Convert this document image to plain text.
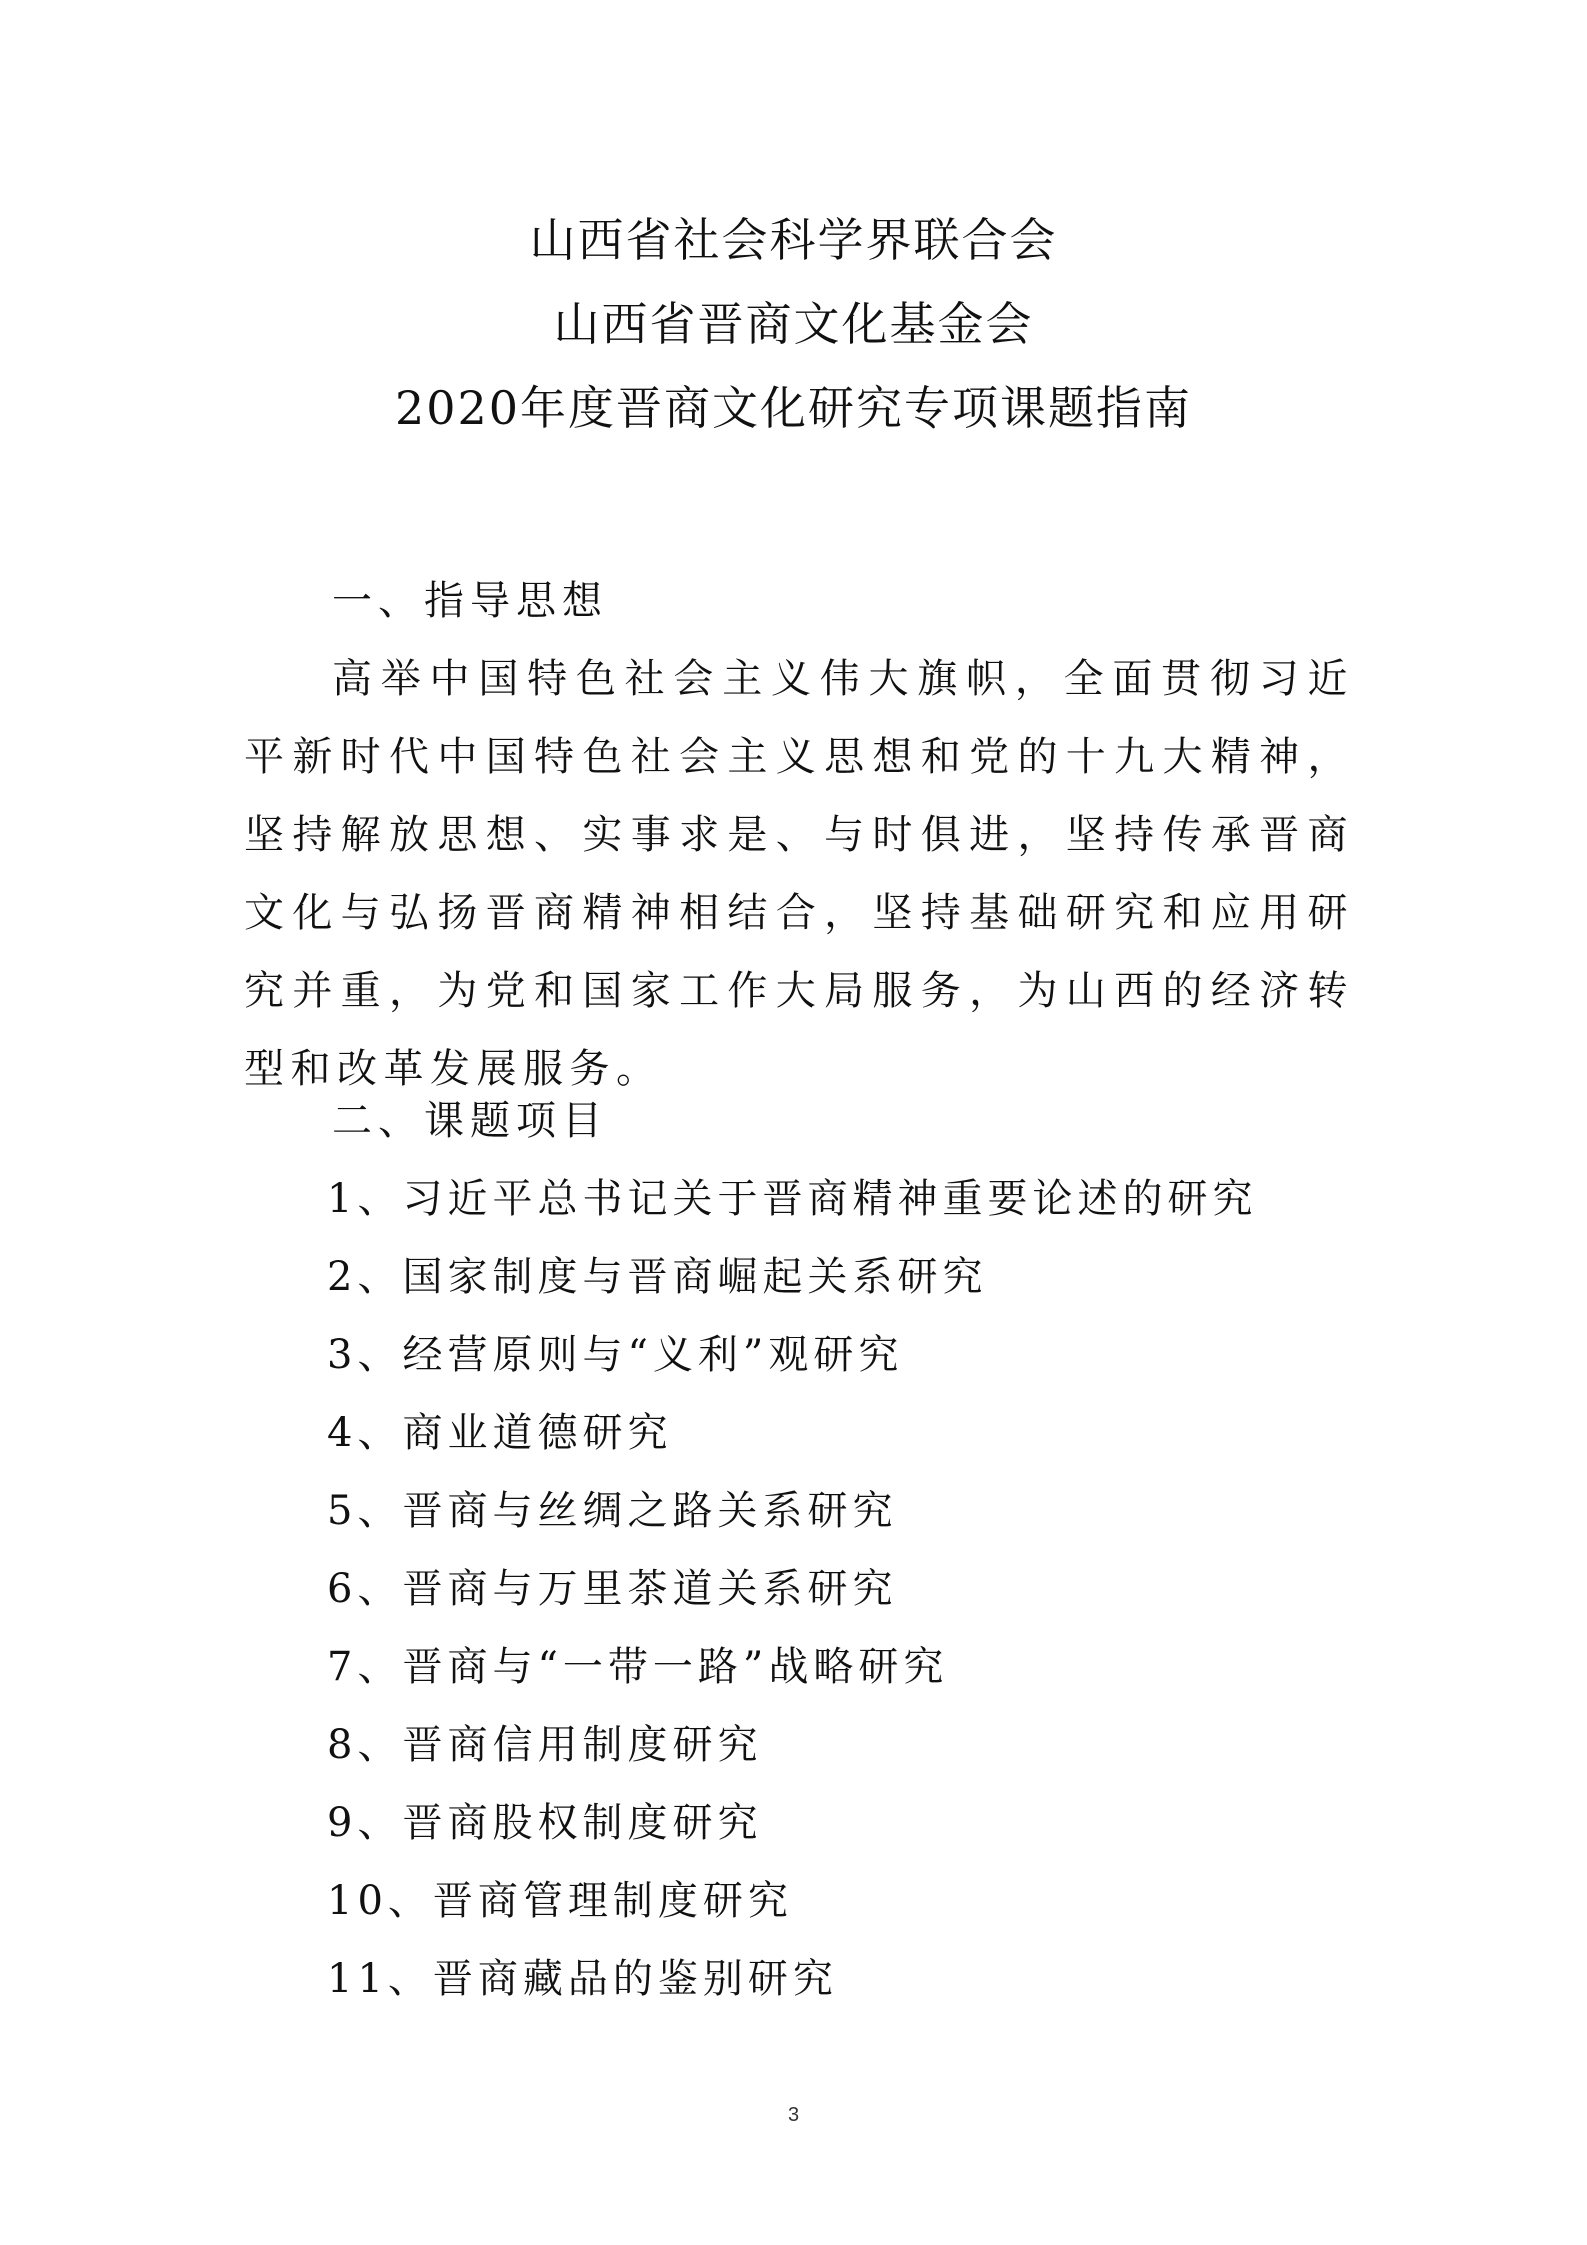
山西省社会科学界联合会
山西省晋商文化基金会
2020年度晋商文化研究专项课题指南
一、指导思想

高举中国特色社会主义伟大旗帜，全面贯彻习近平新时代中国特色社会主义思想和党的十九大精神，坚持解放思想、实事求是、与时俱进，坚持传承晋商文化与弘扬晋商精神相结合，坚持基础研究和应用研究并重，为党和国家工作大局服务，为山西的经济转型和改革发展服务。

二、课题项目
1、习近平总书记关于晋商精神重要论述的研究
2、国家制度与晋商崛起关系研究
3、经营原则与“义利”观研究
4、商业道德研究
5、晋商与丝绸之路关系研究
6、晋商与万里茶道关系研究
7、晋商与“一带一路”战略研究
8、晋商信用制度研究
9、晋商股权制度研究
10、晋商管理制度研究
11、晋商藏品的鉴别研究
3
